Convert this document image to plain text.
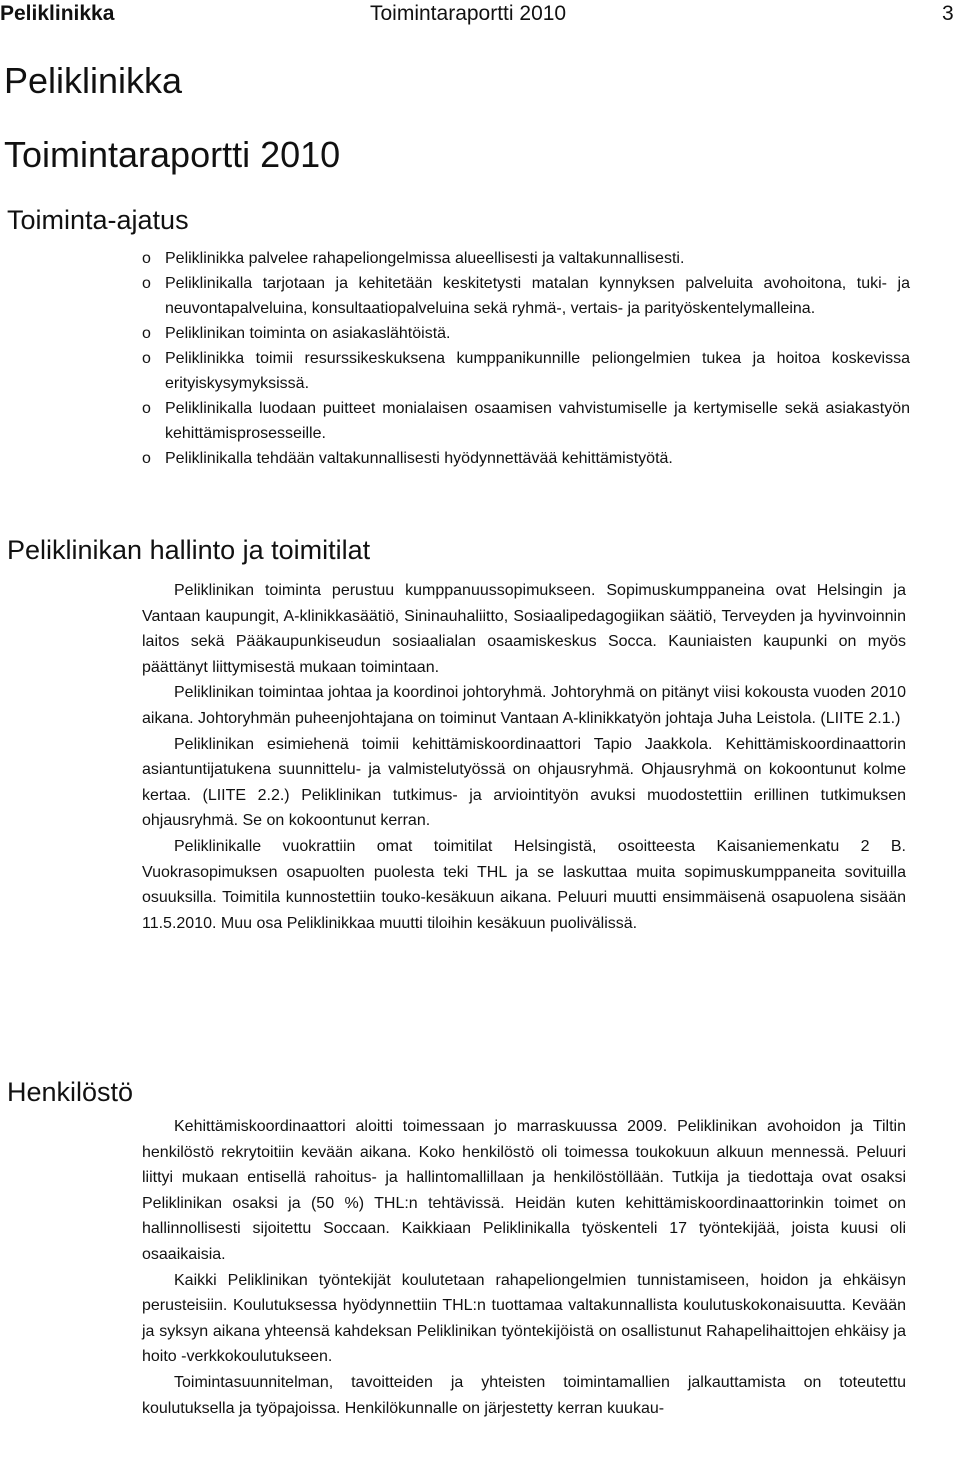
Peliklinikka	Toimintaraportti 2010	3
Peliklinikka
Toimintaraportti 2010
Toiminta-ajatus
o Peliklinikka palvelee rahapeliongelmissa alueellisesti ja valtakunnallisesti.
o Peliklinikalla tarjotaan ja kehitetään keskitetysti matalan kynnyksen palveluita avohoitona, tuki- ja neuvontapalveluina, konsultaatiopalveluina sekä ryhmä-, vertais- ja parityöskentelymalleina.
o Peliklinikan toiminta on asiakaslähtöistä.
o Peliklinikka toimii resurssikeskuksena kumppanikunnille peliongelmien tukea ja hoitoa koskevissa erityiskysymyksissä.
o Peliklinikalla luodaan puitteet monialaisen osaamisen vahvistumiselle ja kertymiselle sekä asiakastyön kehittämisprosesseille.
o Peliklinikalla tehdään valtakunnallisesti hyödynnettävää kehittämistyötä.
Peliklinikan hallinto ja toimitilat

Peliklinikan toiminta perustuu kumppanuussopimukseen. Sopimuskumppaneina ovat Helsingin ja Vantaan kaupungit, A-klinikkasäätiö, Sininauhaliitto, Sosiaalipedagogiikan säätiö, Terveyden ja hyvinvoinnin laitos sekä Pääkaupunkiseudun sosiaalialan osaamiskeskus Socca. Kauniaisten kaupunki on myös päättänyt liittymisestä mukaan toimintaan.

Peliklinikan toimintaa johtaa ja koordinoi johtoryhmä. Johtoryhmä on pitänyt viisi kokousta vuoden 2010 aikana. Johtoryhmän puheenjohtajana on toiminut Vantaan A-klinikkatyön johtaja Juha Leistola. (LIITE 2.1.)

Peliklinikan esimiehenä toimii kehittämiskoordinaattori Tapio Jaakkola. Kehittämiskoordinaattorin asiantuntijatukena suunnittelu- ja valmistelutyössä on ohjausryhmä. Ohjausryhmä on kokoontunut kolme kertaa. (LIITE 2.2.) Peliklinikan tutkimus- ja arviointityön avuksi muodostettiin erillinen tutkimuksen ohjausryhmä. Se on kokoontunut kerran.

Peliklinikalle vuokrattiin omat toimitilat Helsingistä, osoitteesta Kaisaniemenkatu 2 B. Vuokrasopimuksen osapuolten puolesta teki THL ja se laskuttaa muita sopimuskumppaneita sovituilla osuuksilla. Toimitila kunnostettiin touko-kesäkuun aikana. Peluuri muutti ensimmäisenä osapuolena sisään 11.5.2010. Muu osa Peliklinikkaa muutti tiloihin kesäkuun puolivälissä.

Henkilöstö

Kehittämiskoordinaattori aloitti toimessaan jo marraskuussa 2009. Peliklinikan avohoidon ja Tiltin henkilöstö rekrytoitiin kevään aikana. Koko henkilöstö oli toimessa toukokuun alkuun mennessä. Peluuri liittyi mukaan entisellä rahoitus- ja hallintomallillaan ja henkilöstöllään. Tutkija ja tiedottaja ovat osaksi Peliklinikan osaksi ja (50 %) THL:n tehtävissä. Heidän kuten kehittämiskoordinaattorinkin toimet on hallinnollisesti sijoitettu Soccaan. Kaikkiaan Peliklinikalla työskenteli 17 työntekijää, joista kuusi oli osaaikaisia.

Kaikki Peliklinikan työntekijät koulutetaan rahapeliongelmien tunnistamiseen, hoidon ja ehkäisyn perusteisiin. Koulutuksessa hyödynnettiin THL:n tuottamaa valtakunnallista koulutuskokonaisuutta. Kevään ja syksyn aikana yhteensä kahdeksan Peliklinikan työntekijöistä on osallistunut Rahapelihaittojen ehkäisy ja hoito -verkkokoulutukseen.

Toimintasuunnitelman, tavoitteiden ja yhteisten toimintamallien jalkauttamista on toteutettu koulutuksella ja työpajoissa. Henkilökunnalle on järjestetty kerran kuukau-
